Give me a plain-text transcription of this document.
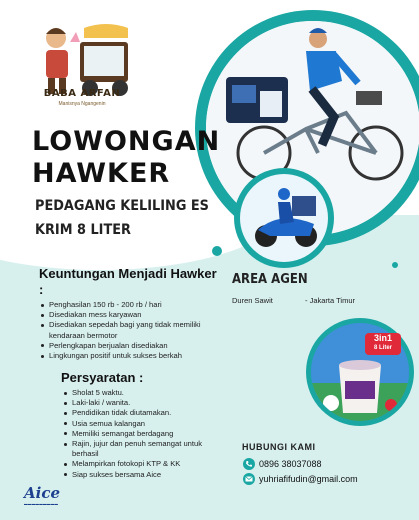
3in1
8 Liter
BABA ARFAN
Manisnya Ngangenin
LOWONGAN
HAWKER
PEDAGANG KELILING ES
KRIM 8 LITER
Keuntungan Menjadi Hawker :
Penghasilan 150 rb - 200 rb / hari
Disediakan mess karyawan
Disediakan sepedah bagi yang tidak memiliki kendaraan bermotor
Perlengkapan berjualan disediakan
Lingkungan positif untuk sukses berkah
Persyaratan :
Sholat 5 waktu.
Laki-laki / wanita.
Pendidikan tidak diutamakan.
Usia semua kalangan
Memiliki semangat berdagang
Rajin, jujur dan penuh semangat untuk berhasil
Melampirkan fotokopi KTP & KK
Siap sukses bersama Aice
AREA AGEN
Duren Sawit	- Jakarta Timur
HUBUNGI KAMI
0896 38037088
yuhriafifudin@gmail.com
Aice
▬▬▬▬▬▬▬▬▬
